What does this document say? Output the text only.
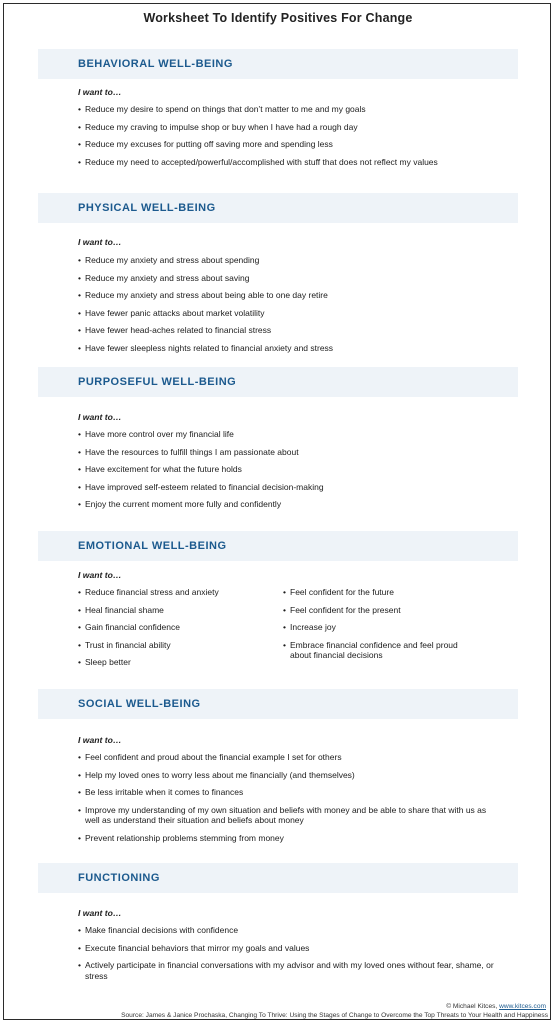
Worksheet To Identify Positives For Change
BEHAVIORAL WELL-BEING
I want to…
• Reduce my desire to spend on things that don’t matter to me and my goals
• Reduce my craving to impulse shop or buy when I have had a rough day
• Reduce my excuses for putting off saving more and spending less
• Reduce my need to accepted/powerful/accomplished with stuff that does not reflect my values
PHYSICAL WELL-BEING
I want to…
• Reduce my anxiety and stress about spending
• Reduce my anxiety and stress about saving
• Reduce my anxiety and stress about being able to one day retire
• Have fewer panic attacks about market volatility
• Have fewer head-aches related to financial stress
• Have fewer sleepless nights related to financial anxiety and stress
PURPOSEFUL WELL-BEING
I want to…
• Have more control over my financial life
• Have the resources to fulfill things I am passionate about
• Have excitement for what the future holds
• Have improved self-esteem related to financial decision-making
• Enjoy the current moment more fully and confidently
EMOTIONAL WELL-BEING
I want to…
• Reduce financial stress and anxiety
• Heal financial shame
• Gain financial confidence
• Trust in financial ability
• Sleep better
• Feel confident for the future
• Feel confident for the present
• Increase joy
• Embrace financial confidence and feel proud about financial decisions
SOCIAL WELL-BEING
I want to…
• Feel confident and proud about the financial example I set for others
• Help my loved ones to worry less about me financially (and themselves)
• Be less irritable when it comes to finances
• Improve my understanding of my own situation and beliefs with money and be able to share that with us as well as understand their situation and beliefs about money
• Prevent relationship problems stemming from money
FUNCTIONING
I want to…
• Make financial decisions with confidence
• Execute financial behaviors that mirror my goals and values
• Actively participate in financial conversations with my advisor and with my loved ones without fear, shame, or stress
© Michael Kitces, www.kitces.com
Source: James & Janice Prochaska, Changing To Thrive: Using the Stages of Change to Overcome the Top Threats to Your Health and Happiness
